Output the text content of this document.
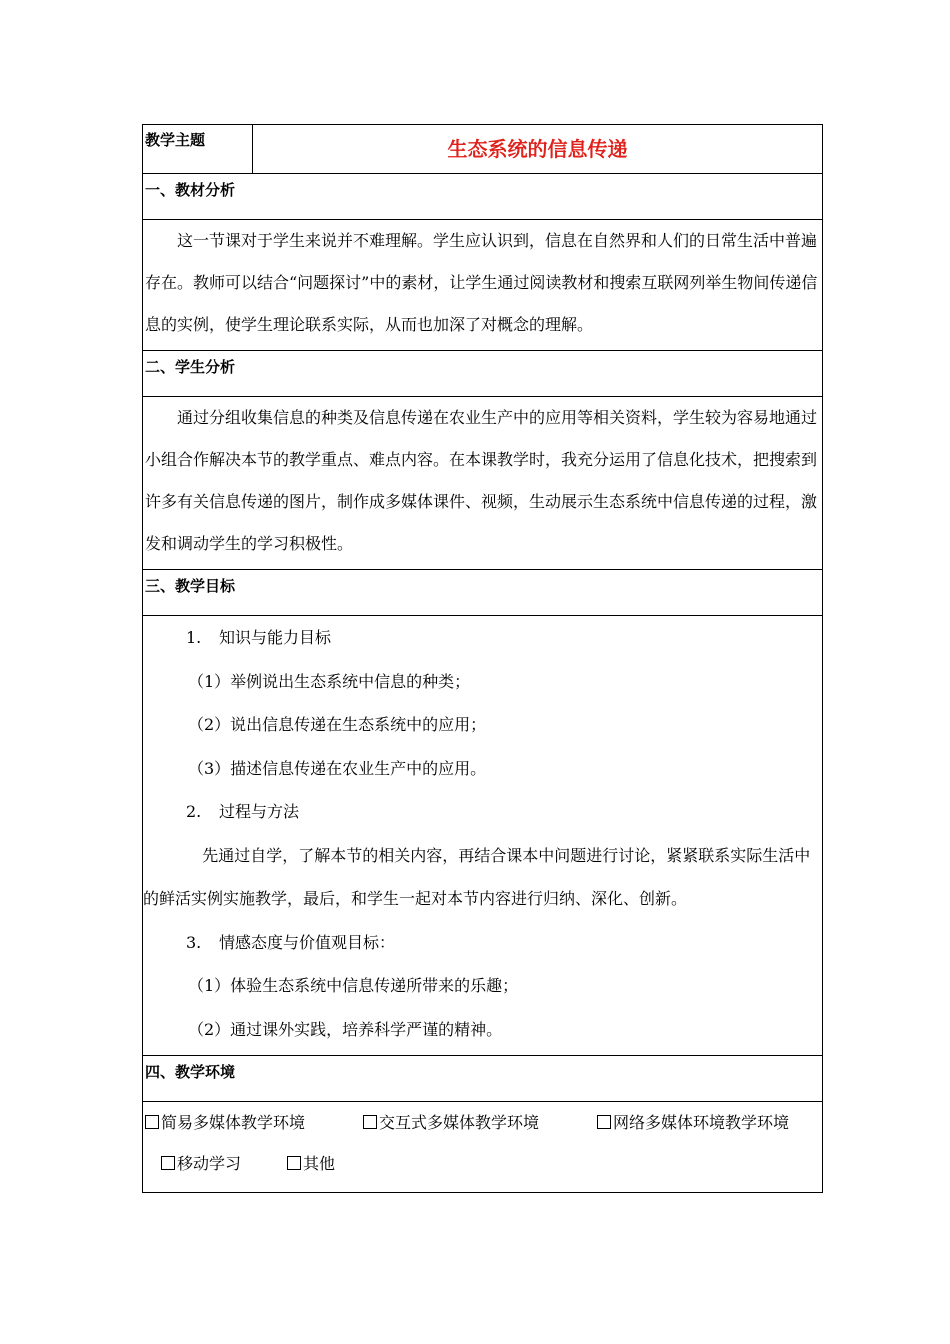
教学主题	生态系统的信息传递

一、教材分析

这一节课对于学生来说并不难理解。学生应认识到，信息在自然界和人们的日常生活中普遍存在。教师可以结合“问题探讨”中的素材，让学生通过阅读教材和搜索互联网列举生物间传递信息的实例，使学生理论联系实际，从而也加深了对概念的理解。

二、学生分析

通过分组收集信息的种类及信息传递在农业生产中的应用等相关资料，学生较为容易地通过小组合作解决本节的教学重点、难点内容。在本课教学时，我充分运用了信息化技术，把搜索到许多有关信息传递的图片，制作成多媒体课件、视频，生动展示生态系统中信息传递的过程，激发和调动学生的学习积极性。

三、教学目标

1. 知识与能力目标
（1）举例说出生态系统中信息的种类；
（2）说出信息传递在生态系统中的应用；
（3）描述信息传递在农业生产中的应用。
2. 过程与方法
先通过自学，了解本节的相关内容，再结合课本中问题进行讨论，紧紧联系实际生活中的鲜活实例实施教学，最后，和学生一起对本节内容进行归纳、深化、创新。
3. 情感态度与价值观目标：
（1）体验生态系统中信息传递所带来的乐趣；
（2）通过课外实践，培养科学严谨的精神。

四、教学环境

简易多媒体教学环境	交互式多媒体教学环境	网络多媒体环境教学环境
移动学习	其他
